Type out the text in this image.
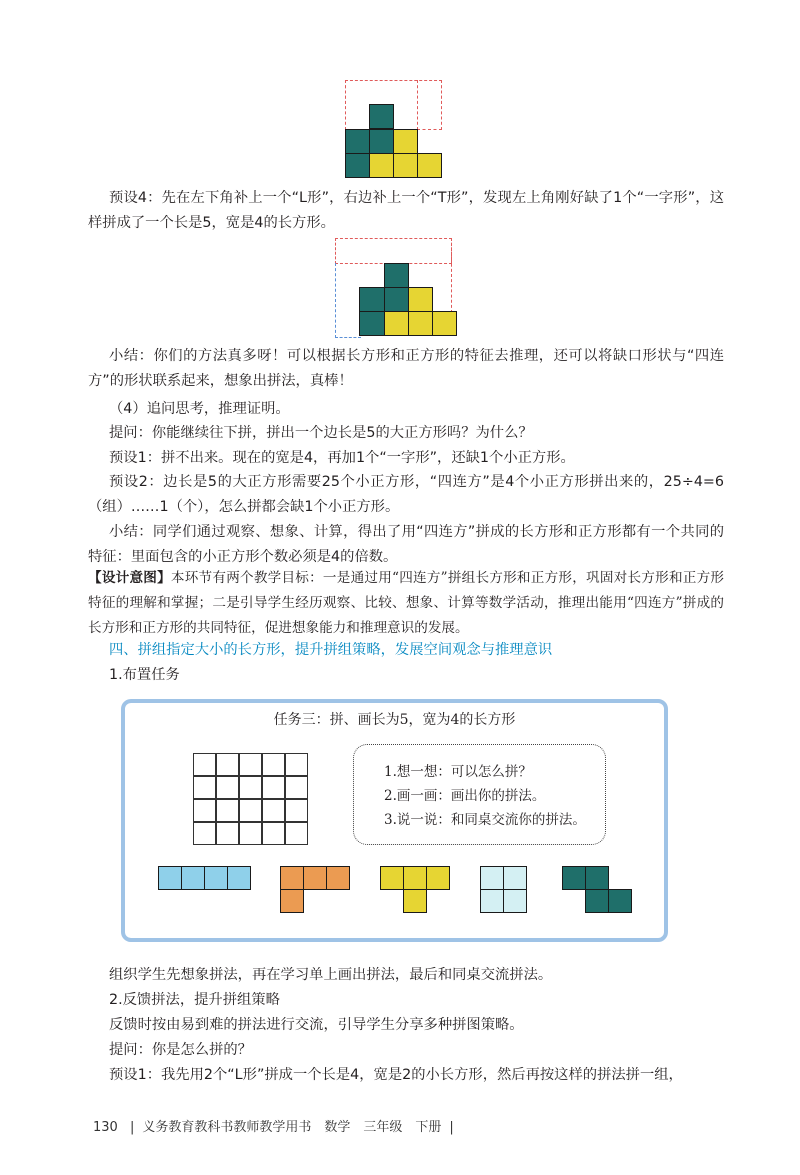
预设4：先在左下角补上一个“L形”，右边补上一个“T形”，发现左上角刚好缺了1个“一字形”，这样拼成了一个长是5，宽是4的长方形。

小结：你们的方法真多呀！可以根据长方形和正方形的特征去推理，还可以将缺口形状与“四连方”的形状联系起来，想象出拼法，真棒！

（4）追问思考，推理证明。

提问：你能继续往下拼，拼出一个边长是5的大正方形吗？为什么？

预设1：拼不出来。现在的宽是4，再加1个“一字形”，还缺1个小正方形。

预设2：边长是5的大正方形需要25个小正方形，“四连方”是4个小正方形拼出来的，25÷4=6（组）……1（个），怎么拼都会缺1个小正方形。

小结：同学们通过观察、想象、计算，得出了用“四连方”拼成的长方形和正方形都有一个共同的特征：里面包含的小正方形个数必须是4的倍数。

【设计意图】本环节有两个教学目标：一是通过用“四连方”拼组长方形和正方形，巩固对长方形和正方形特征的理解和掌握；二是引导学生经历观察、比较、想象、计算等数学活动，推理出能用“四连方”拼成的长方形和正方形的共同特征，促进想象能力和推理意识的发展。

四、拼组指定大小的长方形，提升拼组策略，发展空间观念与推理意识

1.布置任务

任务三：拼、画长为5，宽为4的长方形
1.想一想：可以怎么拼？
2.画一画：画出你的拼法。
3.说一说：和同桌交流你的拼法。

组织学生先想象拼法，再在学习单上画出拼法，最后和同桌交流拼法。

2.反馈拼法，提升拼组策略

反馈时按由易到难的拼法进行交流，引导学生分享多种拼图策略。

提问：你是怎么拼的？

预设1：我先用2个“L形”拼成一个长是4，宽是2的小长方形，然后再按这样的拼法拼一组，

130 | 义务教育教科书教师教学用书　数学　三年级　下册 |
